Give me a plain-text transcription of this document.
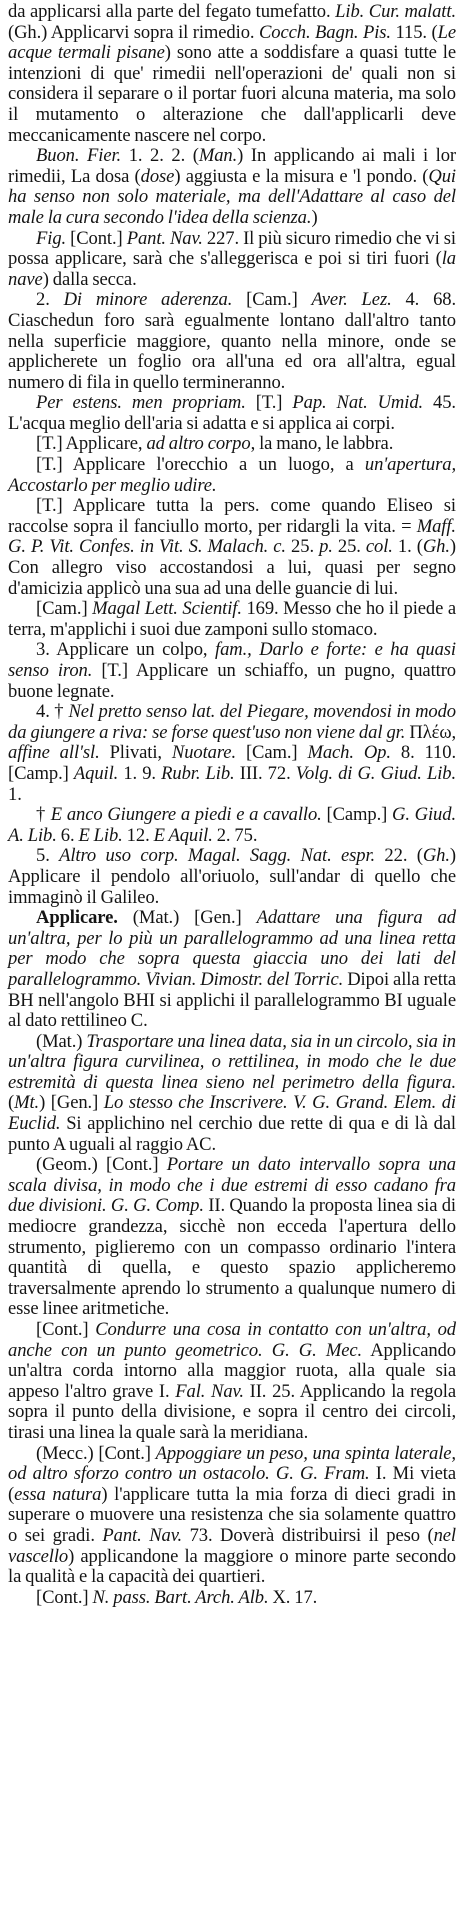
da applicarsi alla parte del fegato tumefatto. Lib. Cur. malatt. (Gh.) Applicarvi sopra il rimedio. Cocch. Bagn. Pis. 115. (Le acque termali pisane) sono atte a soddisfare a quasi tutte le intenzioni di que' rimedii nell'operazioni de' quali non si considera il separare o il portar fuori alcuna materia, ma solo il mutamento o alterazione che dall'applicarli deve meccanicamente nascere nel corpo.

Buon. Fier. 1. 2. 2. (Man.) In applicando ai mali i lor rimedii, La dosa (dose) aggiusta e la misura e 'l pondo. (Qui ha senso non solo materiale, ma dell'Adattare al caso del male la cura secondo l'idea della scienza.)

Fig. [Cont.] Pant. Nav. 227. Il più sicuro rimedio che vi si possa applicare, sarà che s'alleggerisca e poi si tiri fuori (la nave) dalla secca.

2. Di minore aderenza. [Cam.] Aver. Lez. 4. 68. Ciaschedun foro sarà egualmente lontano dall'altro tanto nella superficie maggiore, quanto nella minore, onde se applicherete un foglio ora all'una ed ora all'altra, egual numero di fila in quello termineranno.

Per estens. men propriam. [T.] Pap. Nat. Umid. 45. L'acqua meglio dell'aria si adatta e si applica ai corpi.

[T.] Applicare, ad altro corpo, la mano, le labbra.

[T.] Applicare l'orecchio a un luogo, a un'apertura, Accostarlo per meglio udire.

[T.] Applicare tutta la pers. come quando Eliseo si raccolse sopra il fanciullo morto, per ridargli la vita. = Maff. G. P. Vit. Confes. in Vit. S. Malach. c. 25. p. 25. col. 1. (Gh.) Con allegro viso accostandosi a lui, quasi per segno d'amicizia applicò una sua ad una delle guancie di lui.

[Cam.] Magal Lett. Scientif. 169. Messo che ho il piede a terra, m'applichi i suoi due zamponi sullo stomaco.

3. Applicare un colpo, fam., Darlo e forte: e ha quasi senso iron. [T.] Applicare un schiaffo, un pugno, quattro buone legnate.

4. † Nel pretto senso lat. del Piegare, movendosi in modo da giungere a riva: se forse quest'uso non viene dal gr. Πλέω, affine all'sl. Plivati, Nuotare. [Cam.] Mach. Op. 8. 110. [Camp.] Aquil. 1. 9. Rubr. Lib. III. 72. Volg. di G. Giud. Lib. 1.

† E anco Giungere a piedi e a cavallo. [Camp.] G. Giud. A. Lib. 6. E Lib. 12. E Aquil. 2. 75.

5. Altro uso corp. Magal. Sagg. Nat. espr. 22. (Gh.) Applicare il pendolo all'oriuolo, sull'andar di quello che immaginò il Galileo.

Applicare. (Mat.) [Gen.] Adattare una figura ad un'altra, per lo più un parallelogrammo ad una linea retta per modo che sopra questa giaccia uno dei lati del parallelogrammo. Vivian. Dimostr. del Torric. Dipoi alla retta BH nell'angolo BHI si applichi il parallelogrammo BI uguale al dato rettilineo C.

(Mat.) Trasportare una linea data, sia in un circolo, sia in un'altra figura curvilinea, o rettilinea, in modo che le due estremità di questa linea sieno nel perimetro della figura. (Mt.) [Gen.] Lo stesso che Inscrivere. V. G. Grand. Elem. di Euclid. Si applichino nel cerchio due rette di qua e di là dal punto A uguali al raggio AC.

(Geom.) [Cont.] Portare un dato intervallo sopra una scala divisa, in modo che i due estremi di esso cadano fra due divisioni. G. G. Comp. II. Quando la proposta linea sia di mediocre grandezza, sicchè non ecceda l'apertura dello strumento, piglieremo con un compasso ordinario l'intera quantità di quella, e questo spazio applicheremo traversalmente aprendo lo strumento a qualunque numero di esse linee aritmetiche.

[Cont.] Condurre una cosa in contatto con un'altra, od anche con un punto geometrico. G. G. Mec. Applicando un'altra corda intorno alla maggior ruota, alla quale sia appeso l'altro grave I. Fal. Nav. II. 25. Applicando la regola sopra il punto della divisione, e sopra il centro dei circoli, tirasi una linea la quale sarà la meridiana.

(Mecc.) [Cont.] Appoggiare un peso, una spinta laterale, od altro sforzo contro un ostacolo. G. G. Fram. I. Mi vieta (essa natura) l'applicare tutta la mia forza di dieci gradi in superare o muovere una resistenza che sia solamente quattro o sei gradi. Pant. Nav. 73. Doverà distribuirsi il peso (nel vascello) applicandone la maggiore o minore parte secondo la qualità e la capacità dei quartieri.

[Cont.] N. pass. Bart. Arch. Alb. X. 17.
